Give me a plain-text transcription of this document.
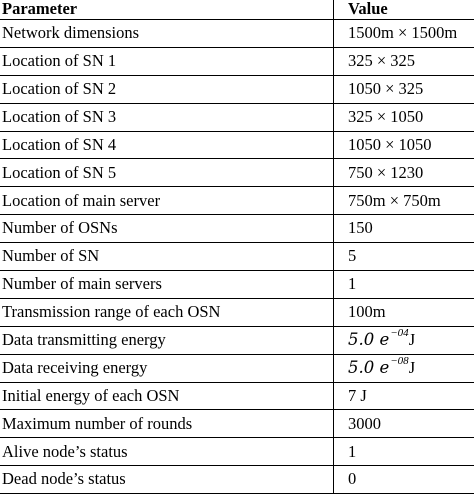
Parameter	Value
Network dimensions	1500m × 1500m
Location of SN 1	325 × 325
Location of SN 2	1050 × 325
Location of SN 3	325 × 1050
Location of SN 4	1050 × 1050
Location of SN 5	750 × 1230
Location of main server	750m × 750m
Number of OSNs	150
Number of SN	5
Number of main servers	1
Transmission range of each OSN	100m
Data transmitting energy	5.0 e −04 J
Data receiving energy	5.0 e −08 J
Initial energy of each OSN	7 J
Maximum number of rounds	3000
Alive node’s status	1
Dead node’s status	0
